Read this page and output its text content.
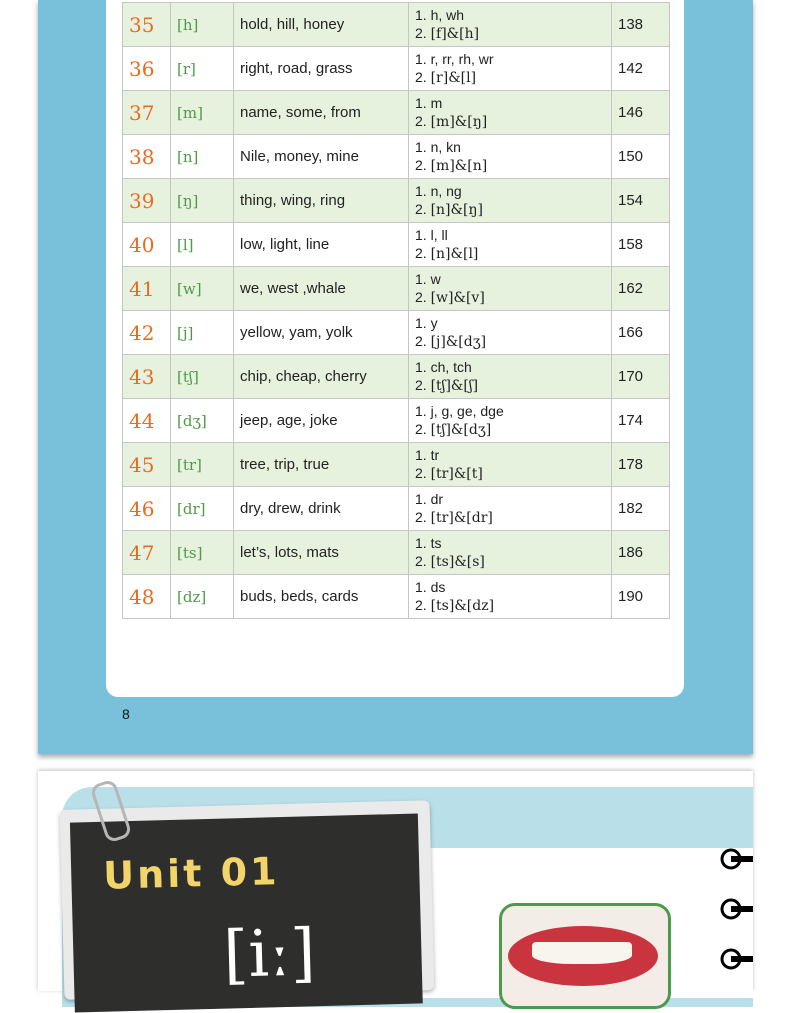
35	[h]	hold, hill, honey	1. h, wh
2. [f]&[h]	138
36	[r]	right, road, grass	1. r, rr, rh, wr
2. [r]&[l]	142
37	[m]	name, some, from	1. m
2. [m]&[ŋ]	146
38	[n]	Nile, money, mine	1. n, kn
2. [m]&[n]	150
39	[ŋ]	thing, wing, ring	1. n, ng
2. [n]&[ŋ]	154
40	[l]	low, light, line	1. l, ll
2. [n]&[l]	158
41	[w]	we, west ,whale	1. w
2. [w]&[v]	162
42	[j]	yellow, yam, yolk	1. y
2. [j]&[dʒ]	166
43	[tʃ]	chip, cheap, cherry	1. ch, tch
2. [tʃ]&[ʃ]	170
44	[dʒ]	jeep, age, joke	1. j, g, ge, dge
2. [tʃ]&[dʒ]	174
45	[tr]	tree, trip, true	1. tr
2. [tr]&[t]	178
46	[dr]	dry, drew, drink	1. dr
2. [tr]&[dr]	182
47	[ts]	let’s, lots, mats	1. ts
2. [ts]&[s]	186
48	[dz]	buds, beds, cards	1. ds
2. [ts]&[dz]	190
8
Unit 01
[iː]
